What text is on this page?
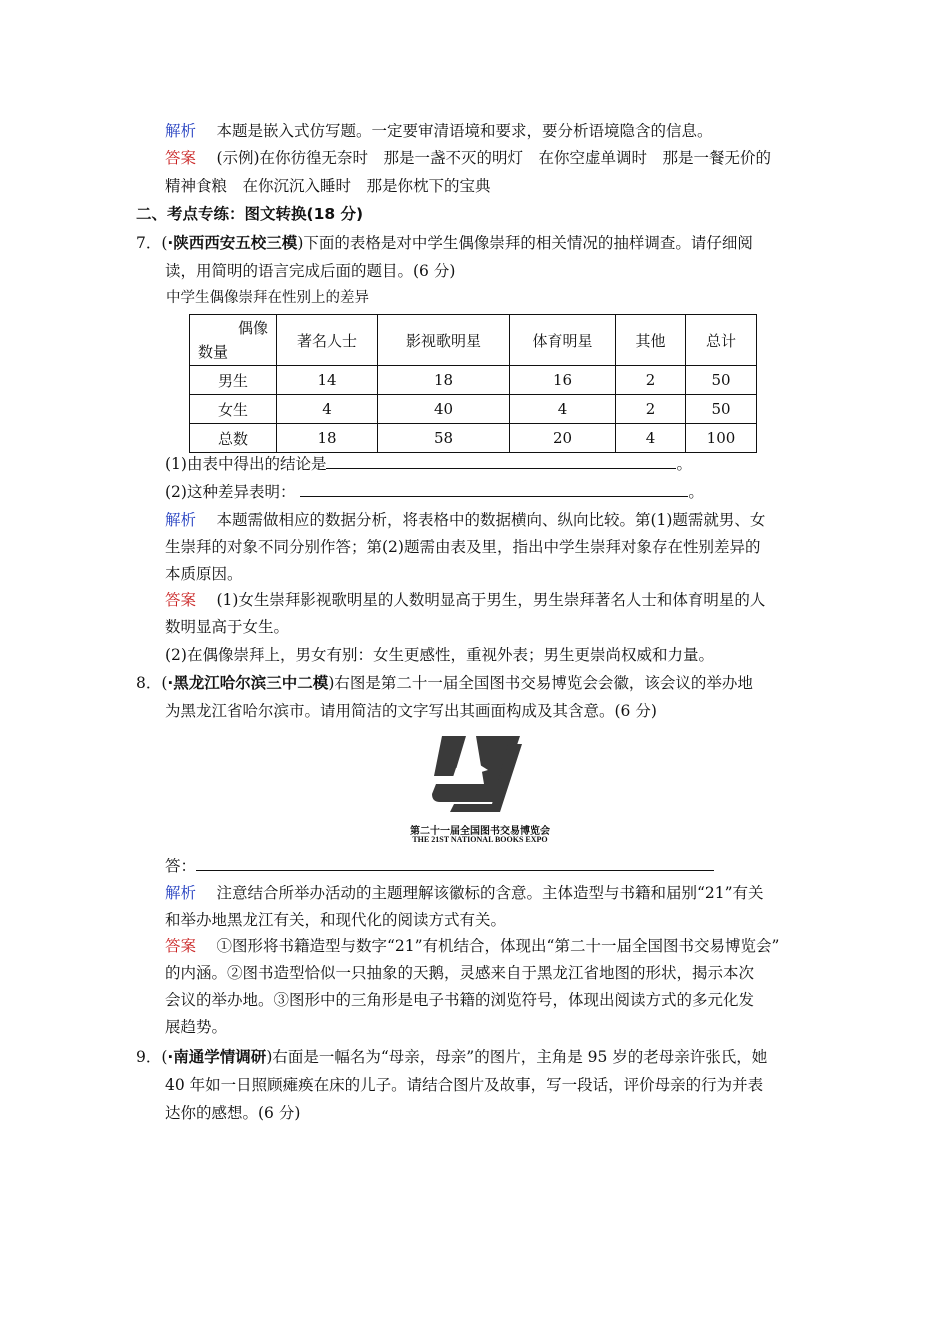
解析　 本题是嵌入式仿写题。一定要审清语境和要求，要分析语境隐含的信息。
答案　 (示例)在你彷徨无奈时　那是一盏不灭的明灯　在你空虚单调时　那是一餐无价的
精神食粮　在你沉沉入睡时　那是你枕下的宝典
二、考点专练：图文转换(18 分)
7．(·陕西西安五校三模)下面的表格是对中学生偶像崇拜的相关情况的抽样调查。请仔细阅
读，用简明的语言完成后面的题目。(6 分)
中学生偶像崇拜在性别上的差异
偶像
数量	著名人士	影视歌明星	体育明星	其他	总计
男生	14	18	16	2	50
女生	4	40	4	2	50
总数	18	58	20	4	100
(1)由表中得出的结论是	。
(2)这种差异表明：	。
解析　 本题需做相应的数据分析，将表格中的数据横向、纵向比较。第(1)题需就男、女
生崇拜的对象不同分别作答；第(2)题需由表及里，指出中学生崇拜对象存在性别差异的
本质原因。
答案　 (1)女生崇拜影视歌明星的人数明显高于男生，男生崇拜著名人士和体育明星的人
数明显高于女生。
(2)在偶像崇拜上，男女有别：女生更感性，重视外表；男生更崇尚权威和力量。
8．(·黑龙江哈尔滨三中二模)右图是第二十一届全国图书交易博览会会徽，该会议的举办地
为黑龙江省哈尔滨市。请用简洁的文字写出其画面构成及其含意。(6 分)
第二十一届全国图书交易博览会
THE 21ST NATIONAL BOOKS EXPO
答：
解析　 注意结合所举办活动的主题理解该徽标的含意。主体造型与书籍和届别“21”有关
和举办地黑龙江有关，和现代化的阅读方式有关。
答案　 ①图形将书籍造型与数字“21”有机结合，体现出“第二十一届全国图书交易博览会”
的内涵。②图书造型恰似一只抽象的天鹅，灵感来自于黑龙江省地图的形状，揭示本次
会议的举办地。③图形中的三角形是电子书籍的浏览符号，体现出阅读方式的多元化发
展趋势。
9．(·南通学情调研)右面是一幅名为“母亲，母亲”的图片，主角是 95 岁的老母亲许张氏，她
40 年如一日照顾瘫痪在床的儿子。请结合图片及故事，写一段话，评价母亲的行为并表
达你的感想。(6 分)
